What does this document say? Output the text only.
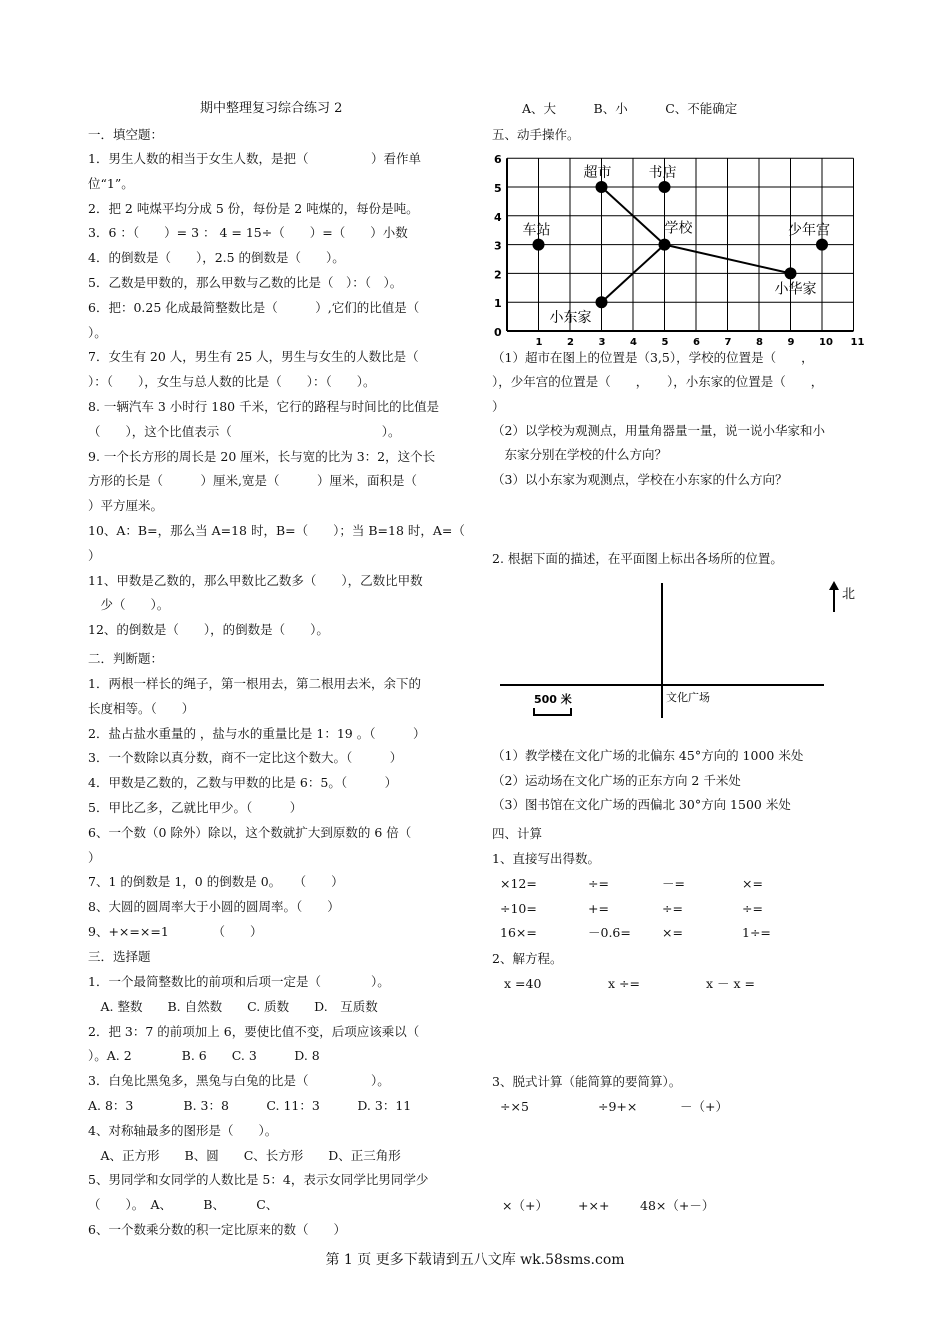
期中整理复习综合练习 2
一．填空题：
1．男生人数的相当于女生人数，是把（　　　　　）看作单
位“1”。
2．把 2 吨煤平均分成 5 份，每份是 2 吨煤的，每份是吨。
3．6 ：（　　）= 3 ： 4 = 15÷（　　）=（　　）小数
4．的倒数是（　　），2.5 的倒数是（　　）。
5．乙数是甲数的，那么甲数与乙数的比是（　）：（　）。
6．把：0.25 化成最简整数比是（　　　）,它们的比值是（
）。
7．女生有 20 人，男生有 25 人，男生与女生的人数比是（
）：（　　），女生与总人数的比是（　　）：（　　）。
8. 一辆汽车 3 小时行 180 千米，它行的路程与时间比的比值是
（　　），这个比值表示（　　　　　　　　　　　　）。
9. 一个长方形的周长是 20 厘米，长与宽的比为 3：2，这个长
方形的长是（　　　）厘米,宽是（　　　）厘米，面积是（
）平方厘米。
10、A：B=，那么当 A=18 时，B=（　　）；当 B=18 时，A=（
）
11、甲数是乙数的，那么甲数比乙数多（　　），乙数比甲数
　少（　　）。
12、的倒数是（　　），的倒数是（　　）。
二．判断题：
1．两根一样长的绳子，第一根用去，第二根用去米，余下的
长度相等。（　　）
2．盐占盐水重量的 ，盐与水的重量比是 1：19 。（　　　）
3．一个数除以真分数，商不一定比这个数大。（　　　）
4．甲数是乙数的，乙数与甲数的比是 6：5。（　　　）
5．甲比乙多，乙就比甲少。（　　　）
6、一个数（0 除外）除以，这个数就扩大到原数的 6 倍（
）
7、1 的倒数是 1，0 的倒数是 0。　　（　　）
8、大圆的圆周率大于小圆的圆周率。（　　）
9、+×=×=1　　　　（　　）
三．选择题
1．一个最简整数比的前项和后项一定是（　　　　）。
　A. 整数　　B. 自然数　　C. 质数　　D.　互质数
2．把 3：7 的前项加上 6，要使比值不变，后项应该乘以（
）。A. 2　　　　B. 6　　C. 3　　　D. 8
3．白兔比黑兔多，黑兔与白兔的比是（　　　　　）。
A. 8：3　　　　B. 3：8　　　C. 11：3　　　D. 3：11
4、对称轴最多的图形是（　　）。
　A、正方形　　B、圆　　C、长方形　　D、正三角形
5、男同学和女同学的人数比是 5：4，表示女同学比男同学少
（　　）。　A、　　　B、　　　C、
6、一个数乘分数的积一定比原来的数（　　）
A、大　　　B、小　　　C、不能确定
五、动手操作。
0
1
2
3
4
5
6
1 2 3 4 5 6 7 8 9 10 11
超市	书店
车站	学校	少年宫
小华家
小东家
（1）超市在图上的位置是（3,5），学校的位置是（　　，
），少年宫的位置是（　　，　　），小东家的位置是（　　，
）
（2）以学校为观测点，用量角器量一量，说一说小华家和小
　东家分别在学校的什么方向？
（3）以小东家为观测点，学校在小东家的什么方向？
2. 根据下面的描述，在平面图上标出各场所的位置。
北
500 米	文化广场
（1）教学楼在文化广场的北偏东 45°方向的 1000 米处
（2）运动场在文化广场的正东方向 2 千米处
（3）图书馆在文化广场的西偏北 30°方向 1500 米处
四、计算
1、直接写出得数。
×12=	÷=	－=	×=
÷10=	+=	÷=	÷=
16×=	－0.6= ×=	1÷=
2、解方程。
x =40	x ÷=	x － x =
3、脱式计算（能简算的要简算）。
÷×5	÷9+×	－（+）
×（+） +×+ 48×（+－）
第 1 页 更多下载请到五八文库 wk.58sms.com
